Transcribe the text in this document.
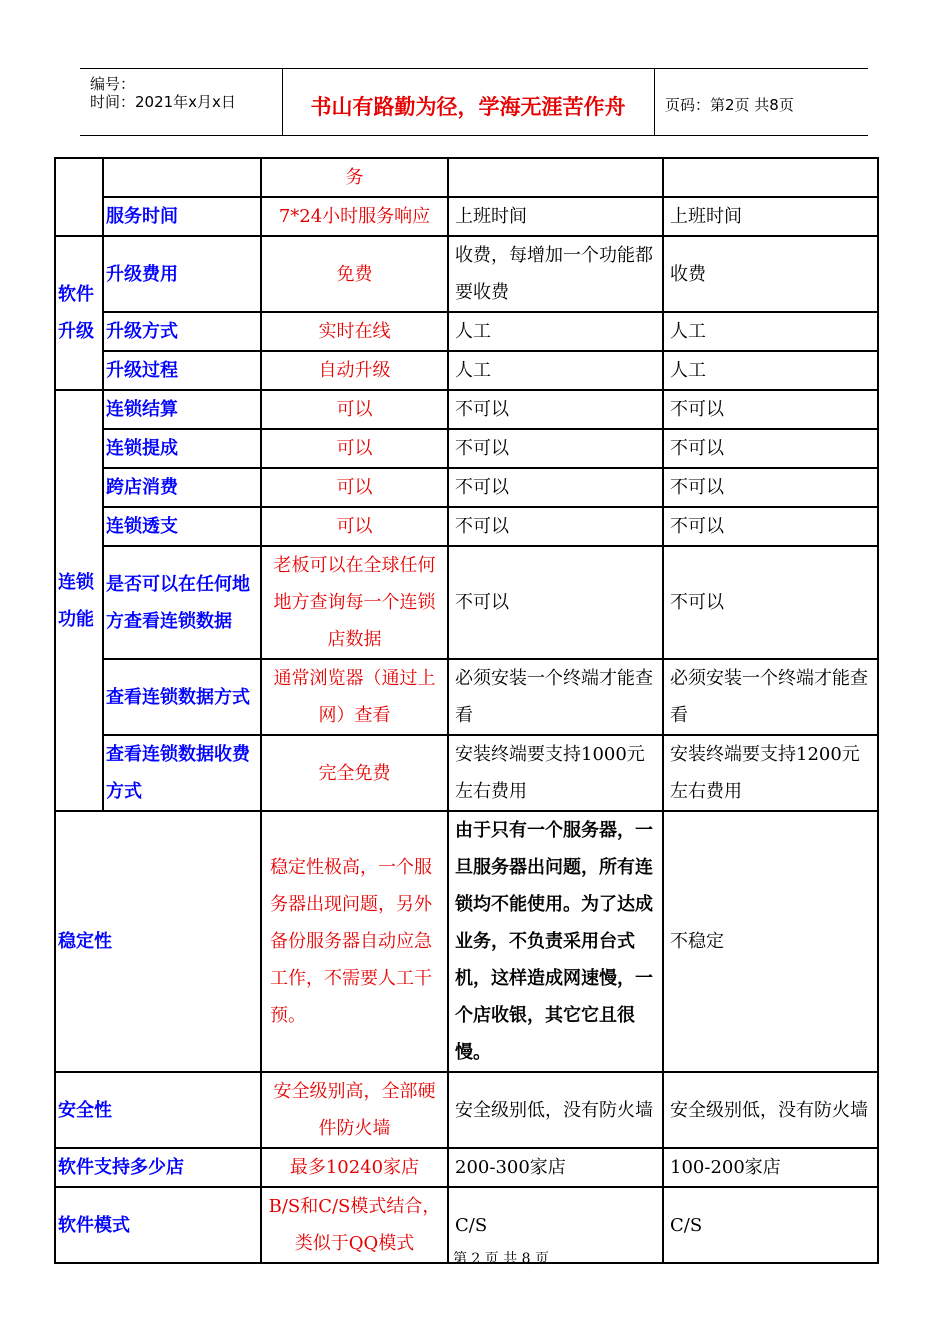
编号：
时间：2021年x月x日	书山有路勤为径，学海无涯苦作舟	页码：第2页 共8页
		务		
	服务时间	7*24小时服务响应	上班时间	上班时间
软件升级	升级费用	免费	收费，每增加一个功能都要收费	收费
	升级方式	实时在线	人工	人工
	升级过程	自动升级	人工	人工
连锁功能	连锁结算	可以	不可以	不可以
	连锁提成	可以	不可以	不可以
	跨店消费	可以	不可以	不可以
	连锁透支	可以	不可以	不可以
	是否可以在任何地方查看连锁数据	老板可以在全球任何地方查询每一个连锁店数据	不可以	不可以
	查看连锁数据方式	通常浏览器（通过上网）查看	必须安装一个终端才能查看	必须安装一个终端才能查看
	查看连锁数据收费方式	完全免费	安装终端要支持1000元左右费用	安装终端要支持1200元左右费用
稳定性		稳定性极高，一个服务器出现问题，另外备份服务器自动应急工作，不需要人工干预。	由于只有一个服务器，一旦服务器出问题，所有连锁均不能使用。为了达成业务，不负责采用台式机，这样造成网速慢，一个店收银，其它它且很慢。	不稳定
安全性		安全级别高，全部硬件防火墙	安全级别低，没有防火墙	安全级别低，没有防火墙
软件支持多少店		最多10240家店	200-300家店	100-200家店
软件模式		B/S和C/S模式结合，类似于QQ模式	C/S	C/S
第 2 页 共 8 页
